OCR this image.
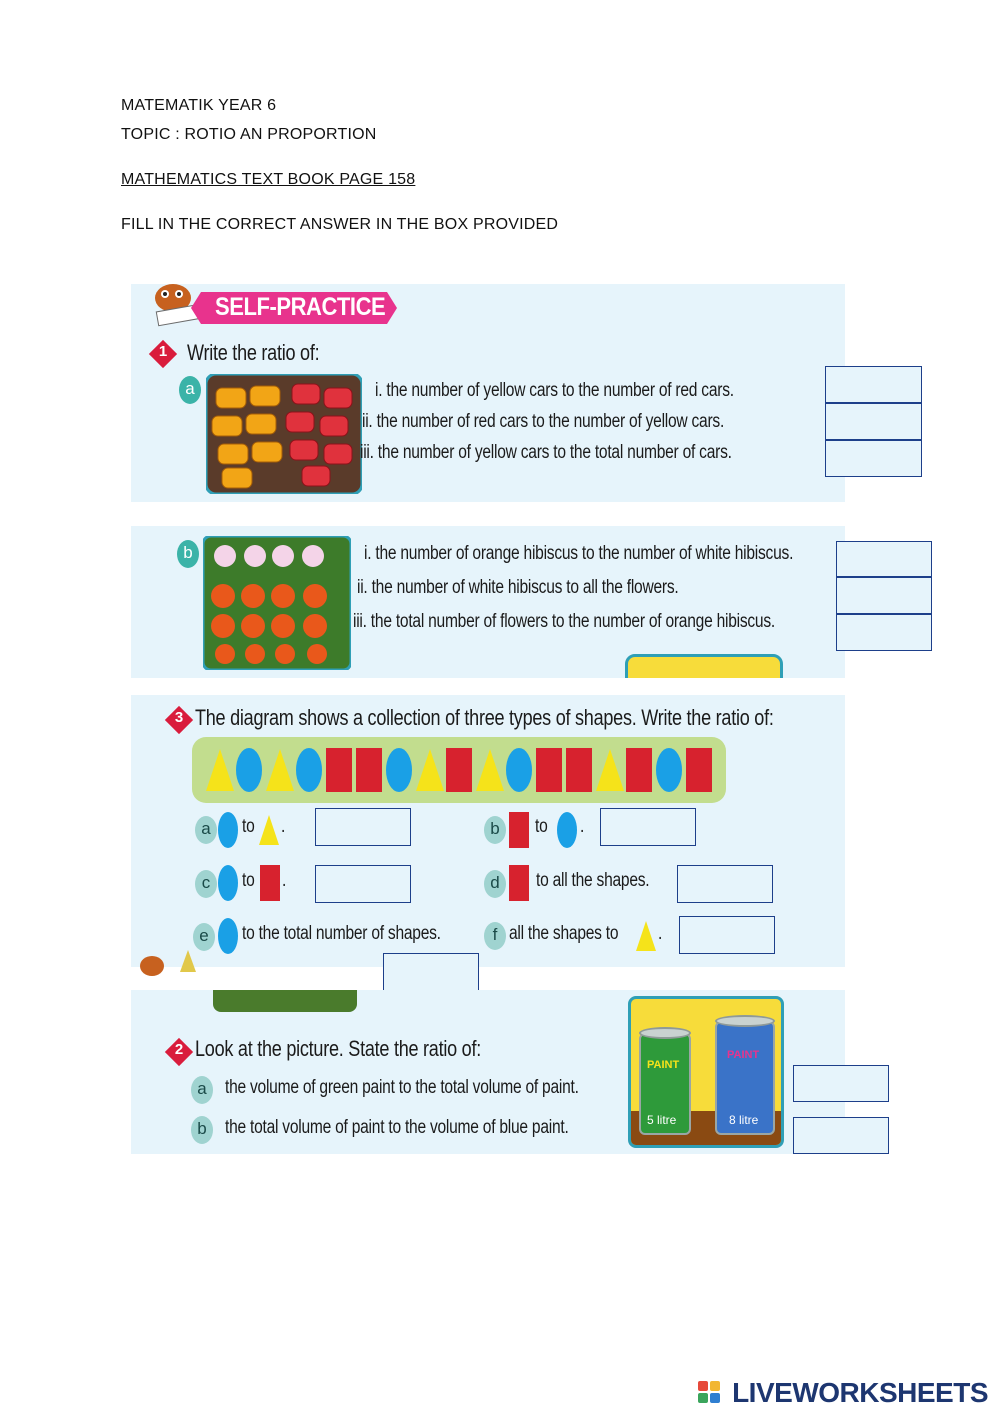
MATEMATIK YEAR 6
TOPIC : ROTIO AN PROPORTION
MATHEMATICS TEXT BOOK PAGE 158
FILL IN THE CORRECT ANSWER IN THE BOX PROVIDED
SELF-PRACTICE
1 Write the ratio of:
a	i. the number of yellow cars to the number of red cars.
ii. the number of red cars to the number of yellow cars.
iii. the number of yellow cars to the total number of cars.
b	i. the number of orange hibiscus to the number of white hibiscus.
ii. the number of white hibiscus to all the flowers.
iii. the total number of flowers to the number of orange hibiscus.
3 The diagram shows a collection of three types of shapes. Write the ratio of:
a	to .	b	to .
c	to .	d	to all the shapes.
e	to the total number of shapes.	f all the shapes to .
2 Look at the picture. State the ratio of:
a the volume of green paint to the total volume of paint.
b the total volume of paint to the volume of blue paint.
PAINT
5 litre
PAINT
8 litre
LIVEWORKSHEETS
